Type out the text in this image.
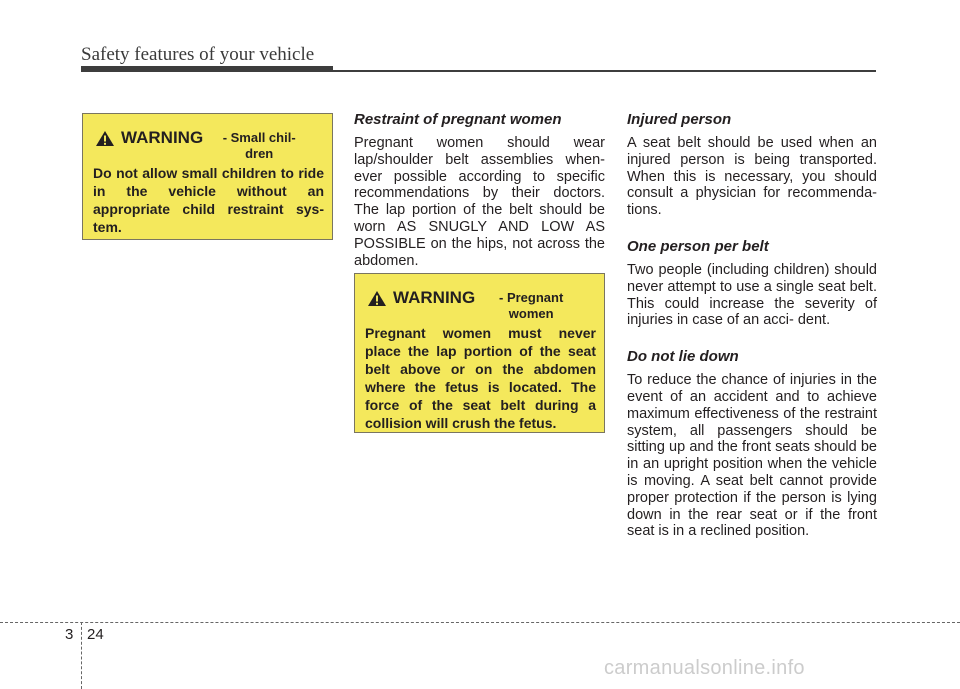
Safety features of your vehicle
WARNING	- Small chil- dren
Do not allow small children to ride in the vehicle without an appropriate child restraint sys- tem.
WARNING	- Pregnant women
Pregnant women must never place the lap portion of the seat belt above or on the abdomen where the fetus is located. The force of the seat belt during a collision will crush the fetus.
Restraint of pregnant women

Pregnant women should wear lap/shoulder belt assemblies when- ever possible according to specific recommendations by their doctors. The lap portion of the belt should be worn AS SNUGLY AND LOW AS POSSIBLE on the hips, not across the abdomen.

Injured person

A seat belt should be used when an injured person is being transported. When this is necessary, you should consult a physician for recommenda- tions.

One person per belt

Two people (including children) should never attempt to use a single seat belt. This could increase the severity of injuries in case of an acci- dent.

Do not lie down

To reduce the chance of injuries in the event of an accident and to achieve maximum effectiveness of the restraint system, all passengers should be sitting up and the front seats should be in an upright position when the vehicle is moving. A seat belt cannot provide proper protection if the person is lying down in the rear seat or if the front seat is in a reclined position.

3 24
carmanualsonline.info
